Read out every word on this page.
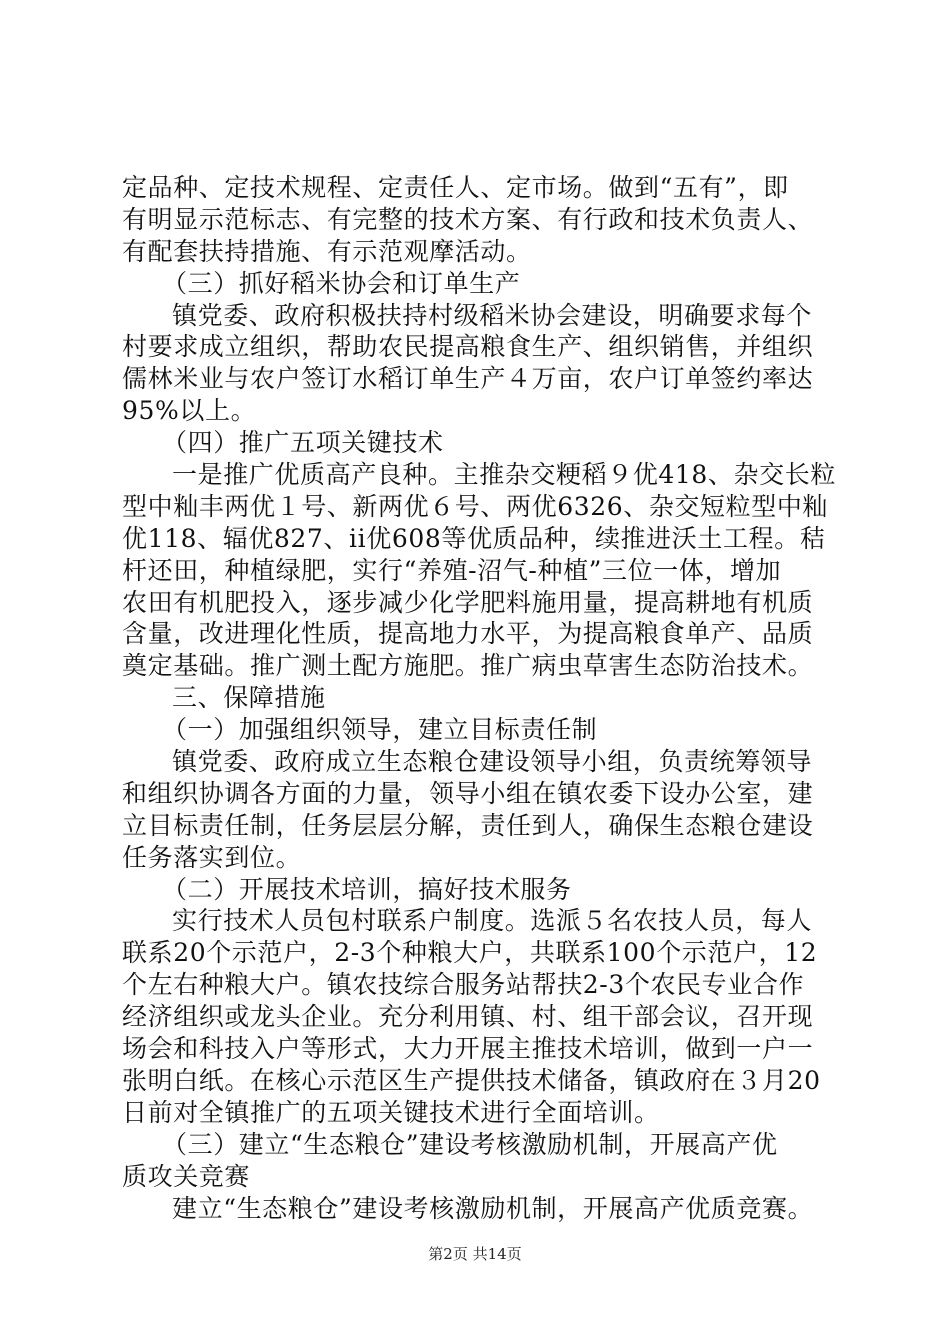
定品种、定技术规程、定责任人、定市场。做到“五有”，即

有明显示范标志、有完整的技术方案、有行政和技术负责人、

有配套扶持措施、有示范观摩活动。

（三）抓好稻米协会和订单生产

镇党委、政府积极扶持村级稻米协会建设，明确要求每个

村要求成立组织，帮助农民提高粮食生产、组织销售，并组织

儒林米业与农户签订水稻订单生产４万亩，农户订单签约率达

95%以上。

（四）推广五项关键技术

一是推广优质高产良种。主推杂交粳稻９优418、杂交长粒

型中籼丰两优１号、新两优６号、两优6326、杂交短粒型中籼

优118、辐优827、ii优608等优质品种，续推进沃土工程。秸

杆还田，种植绿肥，实行“养殖-沼气-种植”三位一体，增加

农田有机肥投入，逐步减少化学肥料施用量，提高耕地有机质

含量，改进理化性质，提高地力水平，为提高粮食单产、品质

奠定基础。推广测土配方施肥。推广病虫草害生态防治技术。

三、保障措施

（一）加强组织领导，建立目标责任制

镇党委、政府成立生态粮仓建设领导小组，负责统筹领导

和组织协调各方面的力量，领导小组在镇农委下设办公室，建

立目标责任制，任务层层分解，责任到人，确保生态粮仓建设

任务落实到位。

（二）开展技术培训，搞好技术服务

实行技术人员包村联系户制度。选派５名农技人员，每人

联系20个示范户，2-3个种粮大户，共联系100个示范户，12

个左右种粮大户。镇农技综合服务站帮扶2-3个农民专业合作

经济组织或龙头企业。充分利用镇、村、组干部会议，召开现

场会和科技入户等形式，大力开展主推技术培训，做到一户一

张明白纸。在核心示范区生产提供技术储备，镇政府在３月20

日前对全镇推广的五项关键技术进行全面培训。

（三）建立“生态粮仓”建设考核激励机制，开展高产优

质攻关竞赛

建立“生态粮仓”建设考核激励机制，开展高产优质竞赛。

第2页 共14页
